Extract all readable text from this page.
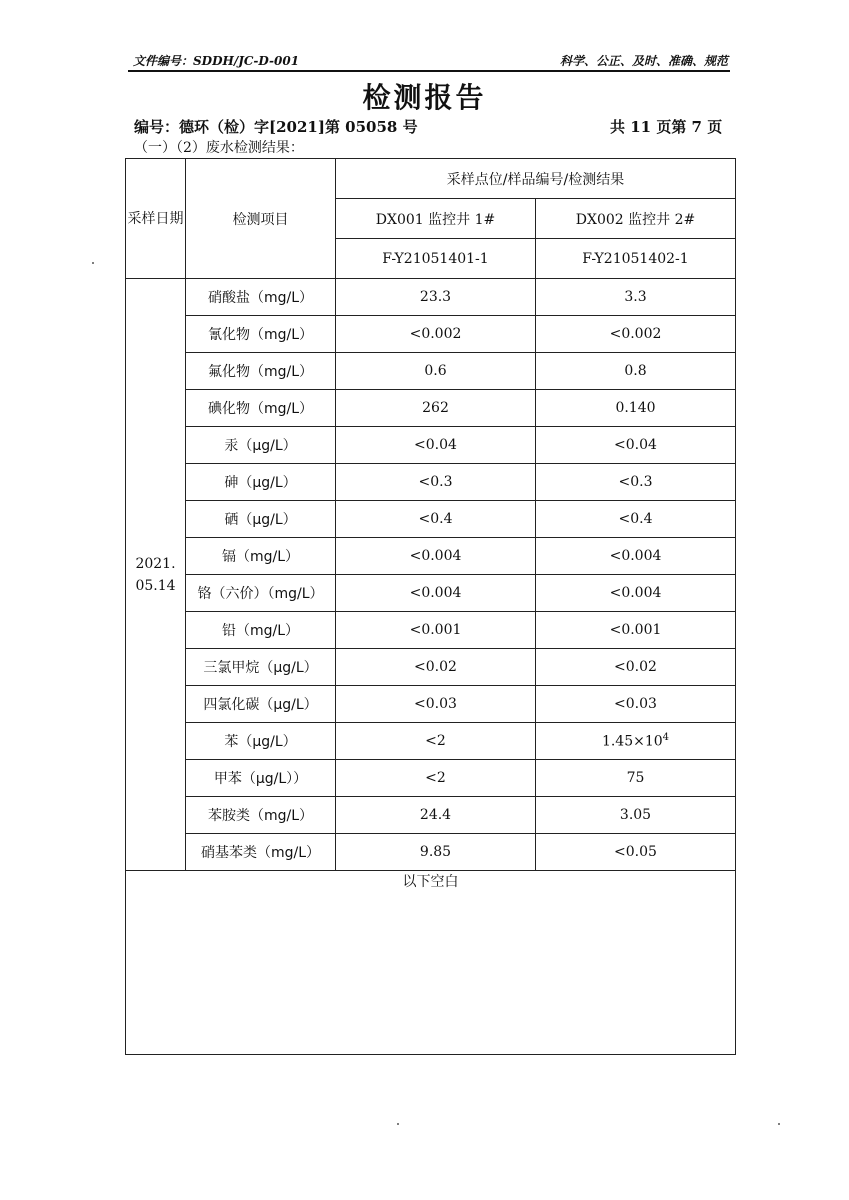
文件编号：SDDH/JC-D-001	科学、公正、及时、准确、规范
检测报告
编号：德环（检）字[2021]第 05058 号	共 11 页第 7 页
（一）（2）废水检测结果：
采样日期	检测项目	采样点位/样品编号/检测结果	
		DX001 监控井 1#	DX002 监控井 2#
		F-Y21051401-1	F-Y21051402-1
2021.05.14	硝酸盐（mg/L）	23.3	3.3
	氰化物（mg/L）	<0.002	<0.002
	氟化物（mg/L）	0.6	0.8
	碘化物（mg/L）	262	0.140
	汞（μg/L）	<0.04	<0.04
	砷（μg/L）	<0.3	<0.3
	硒（μg/L）	<0.4	<0.4
	镉（mg/L）	<0.004	<0.004
	铬（六价）（mg/L）	<0.004	<0.004
	铅（mg/L）	<0.001	<0.001
	三氯甲烷（μg/L）	<0.02	<0.02
	四氯化碳（μg/L）	<0.03	<0.03
	苯（μg/L）	<2	$1.45\times 10^4$
	甲苯（μg/L））	<2	75
	苯胺类（mg/L）	24.4	3.05
	硝基苯类（mg/L）	9.85	<0.05
以下空白			
